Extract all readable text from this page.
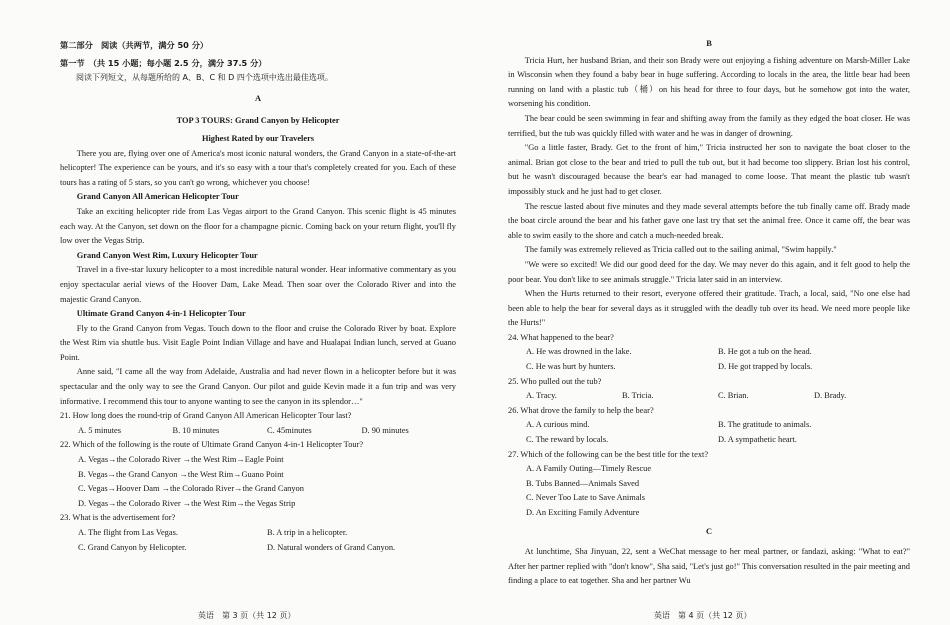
第二部分　阅读（共两节，满分 50 分）

第一节　（共 15 小题；每小题 2.5 分，满分 37.5 分）

阅读下列短文，从每题所给的 A、B、C 和 D 四个选项中选出最佳选项。

A

TOP 3 TOURS: Grand Canyon by Helicopter

Highest Rated by our Travelers

There you are, flying over one of America's most iconic natural wonders, the Grand Canyon in a state-of-the-art helicopter! The experience can be yours, and it's so easy with a tour that's completely created for you. Each of these tours has a rating of 5 stars, so you can't go wrong, whichever you choose!

Grand Canyon All American Helicopter Tour

Take an exciting helicopter ride from Las Vegas airport to the Grand Canyon. This scenic flight is 45 minutes each way. At the Canyon, set down on the floor for a champagne picnic. Coming back on your return flight, you'll fly low over the Vegas Strip.

Grand Canyon West Rim, Luxury Helicopter Tour

Travel in a five-star luxury helicopter to a most incredible natural wonder. Hear informative commentary as you enjoy spectacular aerial views of the Hoover Dam, Lake Mead. Then soar over the Colorado River and into the majestic Grand Canyon.

Ultimate Grand Canyon 4-in-1 Helicopter Tour

Fly to the Grand Canyon from Vegas. Touch down to the floor and cruise the Colorado River by boat. Explore the West Rim via shuttle bus. Visit Eagle Point Indian Village and have and Hualapai Indian lunch, served at Guano Point.

Anne said, "I came all the way from Adelaide, Australia and had never flown in a helicopter before but it was spectacular and the only way to see the Grand Canyon. Our pilot and guide Kevin made it a fun trip and was very informative. I recommend this tour to anyone wanting to see the canyon in its splendor…"

21. How long does the round-trip of Grand Canyon All American Helicopter Tour last?

A. 5 minutes	B. 10 minutes	C. 45minutes	D. 90 minutes

22. Which of the following is the route of Ultimate Grand Canyon 4-in-1 Helicopter Tour?

A. Vegas→the Colorado River →the West Rim→Eagle Point
B. Vegas→the Grand Canyon →the West Rim→Guano Point
C. Vegas→Hoover Dam →the Colorado River→the Grand Canyon
D. Vegas→the Colorado River →the West Rim→the Vegas Strip

23. What is the advertisement for?

A. The flight from Las Vegas.	B. A trip in a helicopter.
C. Grand Canyon by Helicopter.	D. Natural wonders of Grand Canyon.
英语　第 3 页（共 12 页）

B

Tricia Hurt, her husband Brian, and their son Brady were out enjoying a fishing adventure on Marsh-Miller Lake in Wisconsin when they found a baby bear in huge suffering. According to locals in the area, the little bear had been running on land with a plastic tub（桶）on his head for three to four days, but he somehow got into the water, worsening his condition.

The bear could be seen swimming in fear and shifting away from the family as they edged the boat closer. He was terrified, but the tub was quickly filled with water and he was in danger of drowning.

"Go a little faster, Brady. Get to the front of him," Tricia instructed her son to navigate the boat closer to the animal. Brian got close to the bear and tried to pull the tub out, but it had become too slippery. Brian lost his control, but he wasn't discouraged because the bear's ear had managed to come loose. That meant the plastic tub wasn't impossibly stuck and he just had to get closer.

The rescue lasted about five minutes and they made several attempts before the tub finally came off. Brady made the boat circle around the bear and his father gave one last try that set the animal free. Once it came off, the bear was able to swim easily to the shore and catch a much-needed break.

The family was extremely relieved as Tricia called out to the sailing animal, "Swim happily."

"We were so excited! We did our good deed for the day. We may never do this again, and it felt good to help the poor bear. You don't like to see animals struggle." Tricia later said in an interview.

When the Hurts returned to their resort, everyone offered their gratitude. Trach, a local, said, "No one else had been able to help the bear for several days as it struggled with the deadly tub over its head. We need more people like the Hurts!"

24. What happened to the bear?

A. He was drowned in the lake.	B. He got a tub on the head.
C. He was hurt by hunters.	D. He got trapped by locals.

25. Who pulled out the tub?

A. Tracy.	B. Tricia.	C. Brian.	D. Brady.

26. What drove the family to help the bear?

A. A curious mind.	B. The gratitude to animals.
C. The reward by locals.	D. A sympathetic heart.

27. Which of the following can be the best title for the text?

A. A Family Outing—Timely Rescue
B. Tubs Banned—Animals Saved
C. Never Too Late to Save Animals
D. An Exciting Family Adventure

C

At lunchtime, Sha Jinyuan, 22, sent a WeChat message to her meal partner, or fandazi, asking: "What to eat?" After her partner replied with "don't know", Sha said, "Let's just go!" This conversation resulted in the pair meeting and finding a place to eat together. Sha and her partner Wu

英语　第 4 页（共 12 页）
